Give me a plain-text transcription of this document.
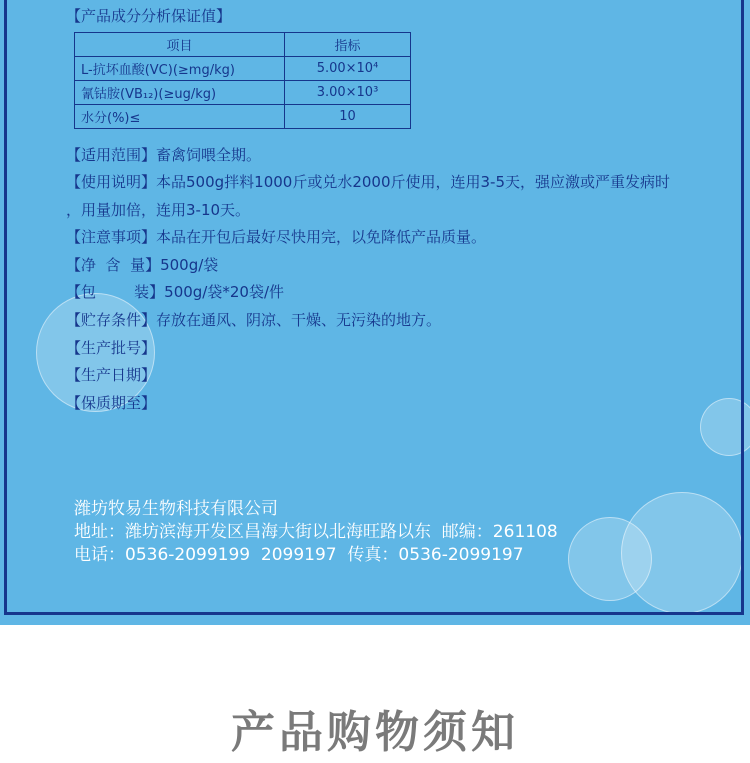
【产品成分分析保证值】
项目	指标
L-抗坏血酸(VC)(≥mg/kg)	5.00×10⁴
氰钴胺(VB₁₂)(≥ug/kg)	3.00×10³
水分(%)≤	10
【适用范围】畜禽饲喂全期。
【使用说明】本品500g拌料1000斤或兑水2000斤使用，连用3-5天，强应激或严重发病时
，用量加倍，连用3-10天。
【注意事项】本品在开包后最好尽快用完，以免降低产品质量。
【净  含  量】500g/袋
【包        装】500g/袋*20袋/件
【贮存条件】存放在通风、阴凉、干燥、无污染的地方。
【生产批号】
【生产日期】
【保质期至】
潍坊牧易生物科技有限公司
地址：潍坊滨海开发区昌海大街以北海旺路以东  邮编：261108
电话：0536-2099199  2099197  传真：0536-2099197
产品购物须知
